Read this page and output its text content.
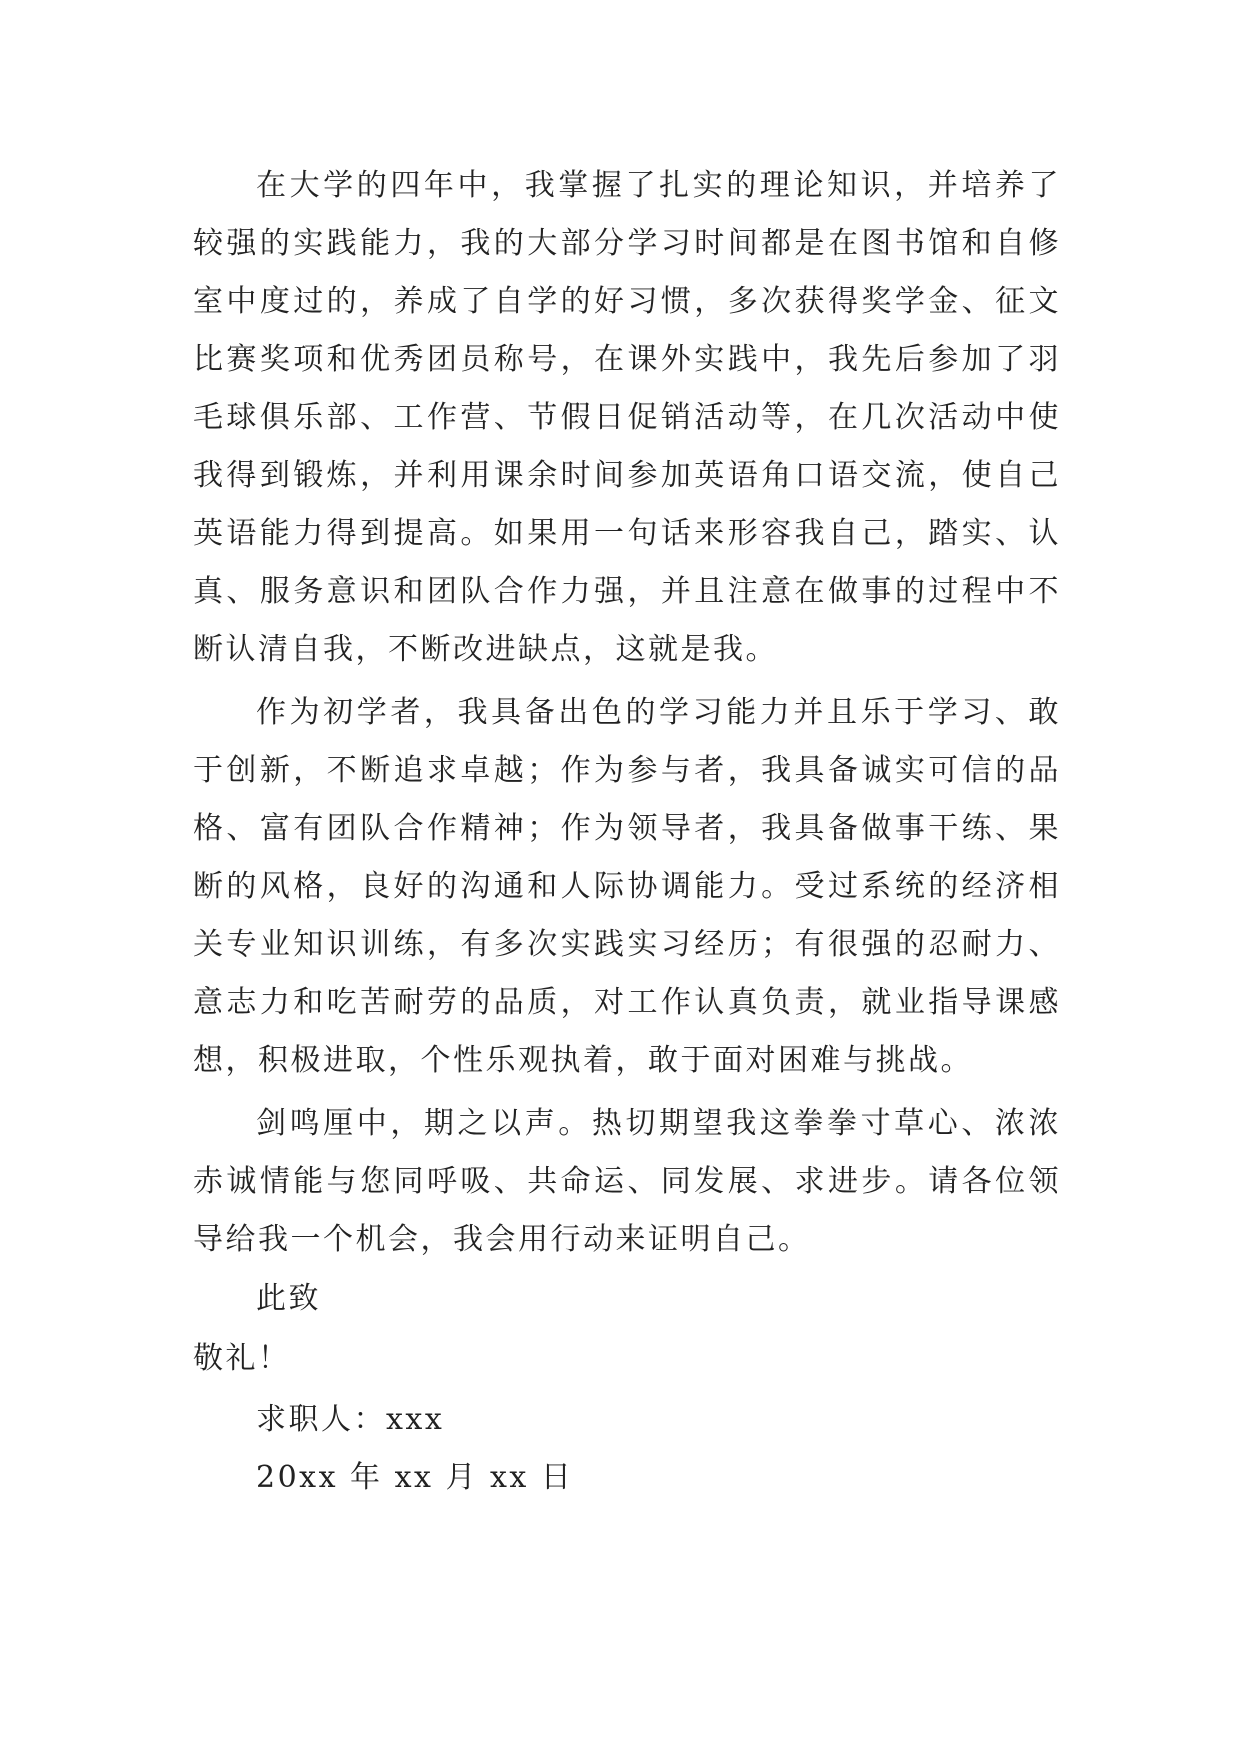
在大学的四年中，我掌握了扎实的理论知识，并培养了
较强的实践能力，我的大部分学习时间都是在图书馆和自修
室中度过的，养成了自学的好习惯，多次获得奖学金、征文
比赛奖项和优秀团员称号，在课外实践中，我先后参加了羽
毛球俱乐部、工作营、节假日促销活动等，在几次活动中使
我得到锻炼，并利用课余时间参加英语角口语交流，使自己
英语能力得到提高。如果用一句话来形容我自己，踏实、认
真、服务意识和团队合作力强，并且注意在做事的过程中不
断认清自我，不断改进缺点，这就是我。
作为初学者，我具备出色的学习能力并且乐于学习、敢
于创新，不断追求卓越；作为参与者，我具备诚实可信的品
格、富有团队合作精神；作为领导者，我具备做事干练、果
断的风格，良好的沟通和人际协调能力。受过系统的经济相
关专业知识训练，有多次实践实习经历；有很强的忍耐力、
意志力和吃苦耐劳的品质，对工作认真负责，就业指导课感
想，积极进取，个性乐观执着，敢于面对困难与挑战。
剑鸣厘中，期之以声。热切期望我这拳拳寸草心、浓浓
赤诚情能与您同呼吸、共命运、同发展、求进步。请各位领
导给我一个机会，我会用行动来证明自己。
此致
敬礼！
求职人：xxx
20xx 年 xx 月 xx 日
